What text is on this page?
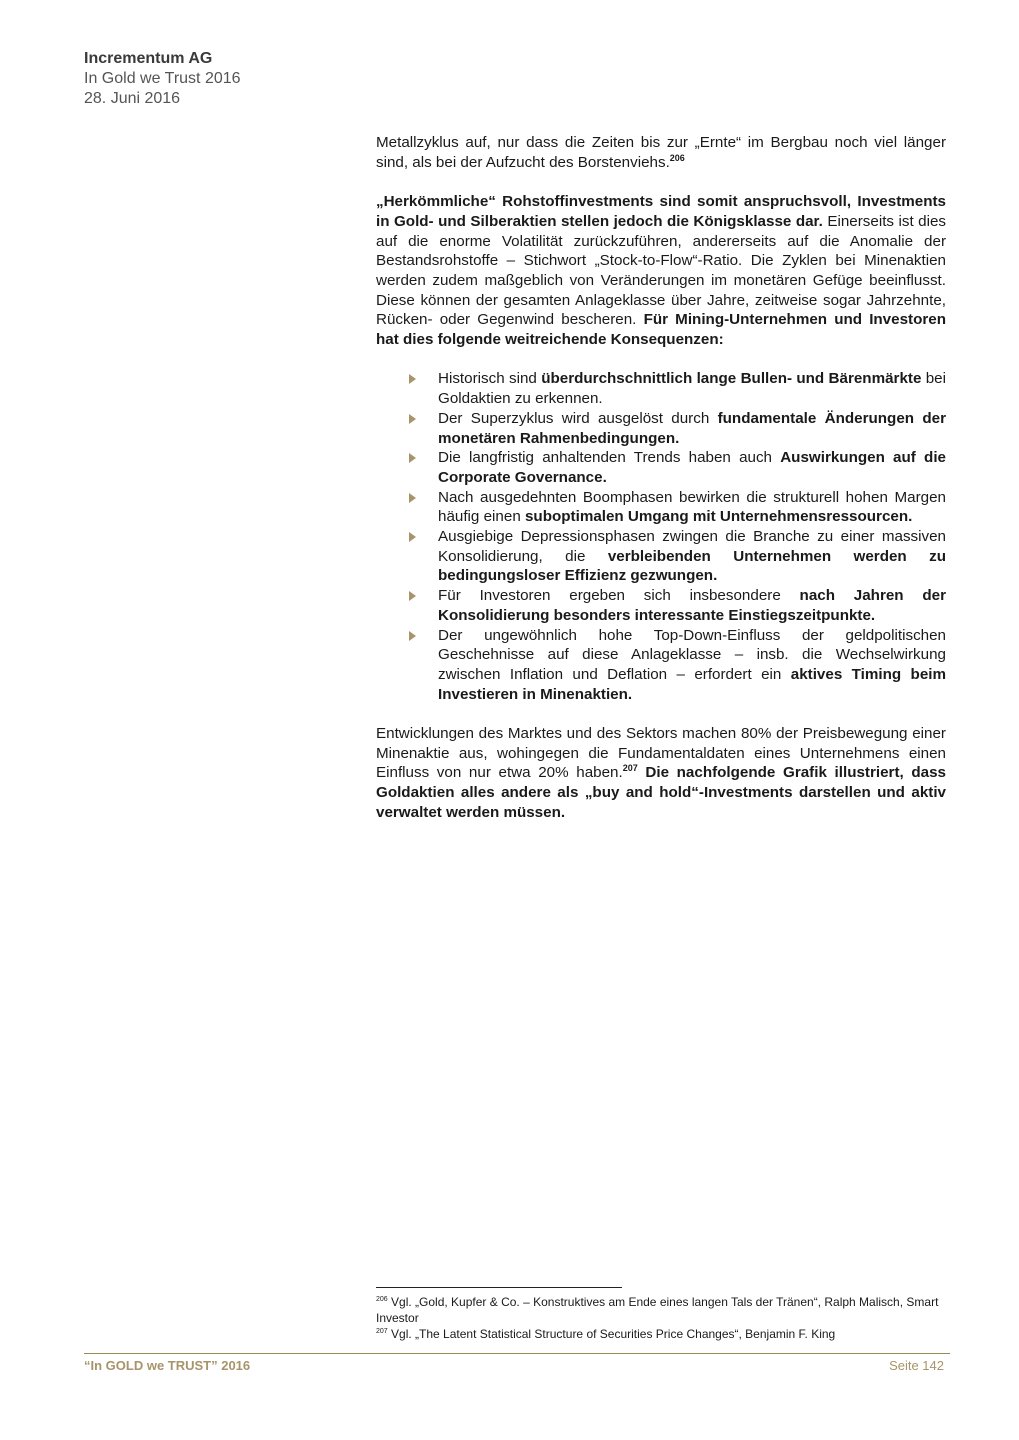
Incrementum AG
In Gold we Trust 2016
28. Juni 2016

Metallzyklus auf, nur dass die Zeiten bis zur „Ernte“ im Bergbau noch viel länger sind, als bei der Aufzucht des Borstenviehs.$^{206}$

„Herkömmliche“ Rohstoffinvestments sind somit anspruchsvoll, Investments in Gold- und Silberaktien stellen jedoch die Königsklasse dar. Einerseits ist dies auf die enorme Volatilität zurückzuführen, andererseits auf die Anomalie der Bestandsrohstoffe – Stichwort „Stock-to-Flow“-Ratio. Die Zyklen bei Minenaktien werden zudem maßgeblich von Veränderungen im monetären Gefüge beeinflusst. Diese können der gesamten Anlageklasse über Jahre, zeitweise sogar Jahrzehnte, Rücken- oder Gegenwind bescheren. Für Mining-Unternehmen und Investoren hat dies folgende weitreichende Konsequenzen:

Historisch sind überdurchschnittlich lange Bullen- und Bärenmärkte bei Goldaktien zu erkennen.
Der Superzyklus wird ausgelöst durch fundamentale Änderungen der monetären Rahmenbedingungen.
Die langfristig anhaltenden Trends haben auch Auswirkungen auf die Corporate Governance.
Nach ausgedehnten Boomphasen bewirken die strukturell hohen Margen häufig einen suboptimalen Umgang mit Unternehmensressourcen.
Ausgiebige Depressionsphasen zwingen die Branche zu einer massiven Konsolidierung, die verbleibenden Unternehmen werden zu bedingungsloser Effizienz gezwungen.
Für Investoren ergeben sich insbesondere nach Jahren der Konsolidierung besonders interessante Einstiegszeitpunkte.
Der ungewöhnlich hohe Top-Down-Einfluss der geldpolitischen Geschehnisse auf diese Anlageklasse – insb. die Wechselwirkung zwischen Inflation und Deflation – erfordert ein aktives Timing beim Investieren in Minenaktien.

Entwicklungen des Marktes und des Sektors machen 80% der Preisbewegung einer Minenaktie aus, wohingegen die Fundamentaldaten eines Unternehmens einen Einfluss von nur etwa 20% haben.$^{207}$ Die nachfolgende Grafik illustriert, dass Goldaktien alles andere als „buy and hold“-Investments darstellen und aktiv verwaltet werden müssen.

$^{206}$ Vgl. „Gold, Kupfer & Co. – Konstruktives am Ende eines langen Tals der Tränen“, Ralph Malisch, Smart Investor

$^{207}$ Vgl. „The Latent Statistical Structure of Securities Price Changes“, Benjamin F. King

“In GOLD we TRUST” 2016	Seite 142
